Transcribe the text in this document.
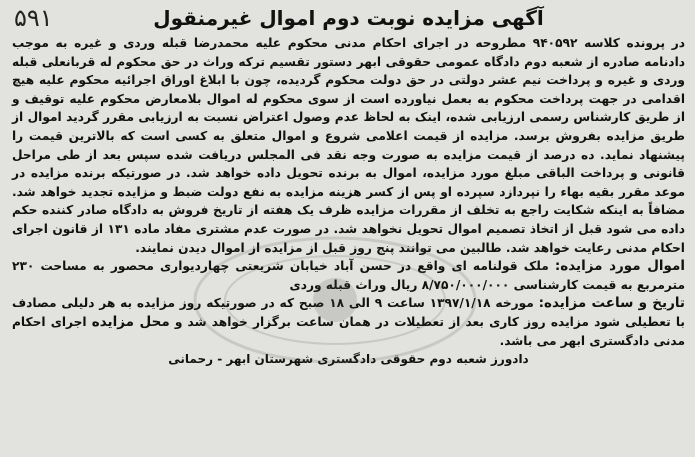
۵۹۱	آگهی مزایده نوبت دوم اموال غیرمنقول

در پرونده کلاسه ۹۴۰۵۹۲ مطروحه در اجرای احکام مدنی محکوم علیه محمدرضا قبله وردی و غیره به موجب دادنامه صادره از شعبه دوم دادگاه عمومی حقوقی ابهر دستور تقسیم ترکه وراث در حق محکوم له قربانعلی قبله وردی و غیره و پرداخت نیم عشر دولتی در حق دولت محکوم گردیده، چون با ابلاغ اوراق اجرائیه محکوم علیه هیچ اقدامی در جهت پرداخت محکوم به بعمل نیاورده است از سوی محکوم له اموال بلامعارض محکوم علیه توقیف و از طریق کارشناس رسمی ارزیابی شده، اینک به لحاظ عدم وصول اعتراض نسبت به ارزیابی مقرر گردید اموال از طریق مزایده بفروش برسد. مزایده از قیمت اعلامی شروع و اموال متعلق به کسی است که بالاترین قیمت را پیشنهاد نماید. ده درصد از قیمت مزایده به صورت وجه نقد فی المجلس دریافت شده سپس بعد از طی مراحل قانونی و پرداخت الباقی مبلغ مورد مزایده، اموال به برنده تحویل داده خواهد شد. در صورتیکه برنده مزایده در موعد مقرر بقیه بهاء را نپردازد سپرده او پس از کسر هزینه مزایده به نفع دولت ضبط و مزایده تجدید خواهد شد. مضافاً به اینکه شکایت راجع به تخلف از مقررات مزایده ظرف یک هفته از تاریخ فروش به دادگاه صادر کننده حکم داده می شود قبل از اتخاذ تصمیم اموال تحویل نخواهد شد. در صورت عدم مشتری مفاد ماده ۱۳۱ از قانون اجرای احکام مدنی رعایت خواهد شد. طالبین می توانند پنج روز قبل از مزایده از اموال دیدن نمایند.

اموال مورد مزایده: ملک قولنامه ای واقع در حسن آباد خیابان شریعتی چهاردیواری محصور به مساحت ۲۳۰ مترمربع به قیمت کارشناسی ۸/۷۵۰/۰۰۰/۰۰۰ ریال وراث قبله وردی

تاریخ و ساعت مزایده: مورخه ۱۳۹۷/۱/۱۸ ساعت ۹ الی ۱۸ صبح که در صورتیکه روز مزایده به هر دلیلی مصادف با تعطیلی شود مزایده روز کاری بعد از تعطیلات در همان ساعت برگزار خواهد شد و محل مزایده اجرای احکام مدنی دادگستری ابهر می باشد.

دادورز شعبه دوم حقوقی دادگستری شهرستان ابهر - رحمانی
